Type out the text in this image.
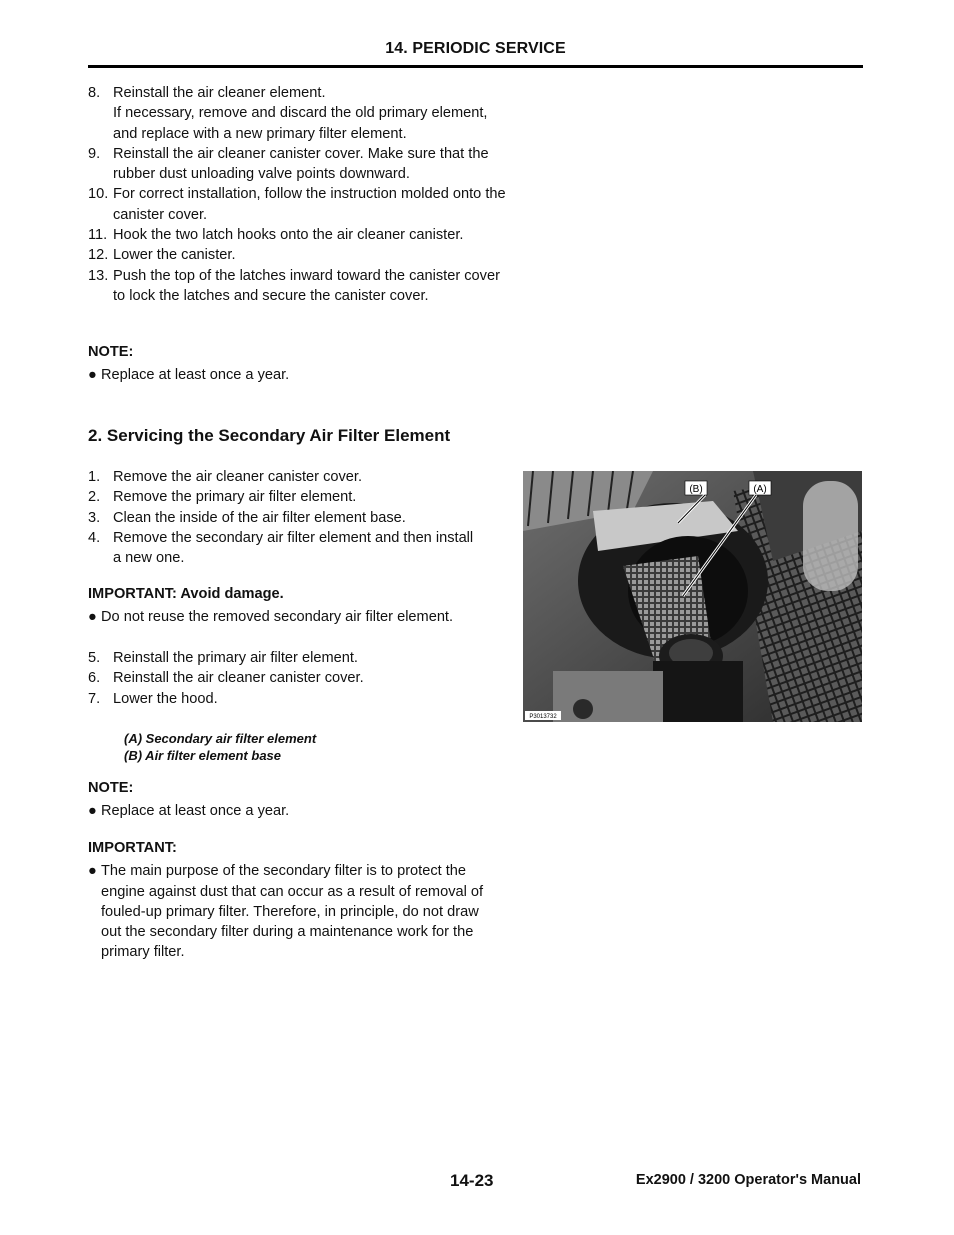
14. PERIODIC SERVICE
8. Reinstall the air cleaner element.
If necessary, remove and discard the old primary element, and replace with a new primary filter element.
9. Reinstall the air cleaner canister cover. Make sure that the rubber dust unloading valve points downward.
10. For correct installation, follow the instruction molded onto the canister cover.
11. Hook the two latch hooks onto the air cleaner canister.
12. Lower the canister.
13. Push the top of the latches inward toward the canister cover to lock the latches and secure the canister cover.
NOTE:
● Replace at least once a year.
2. Servicing the Secondary Air Filter Element
1. Remove the air cleaner canister cover.
2. Remove the primary air filter element.
3. Clean the inside of the air filter element base.
4. Remove the secondary air filter element and then install a new one.
IMPORTANT: Avoid damage.
● Do not reuse the removed secondary air filter element.
5. Reinstall the primary air filter element.
6. Reinstall the air cleaner canister cover.
7. Lower the hood.
(A) Secondary air filter element
(B) Air filter element base
NOTE:
● Replace at least once a year.
IMPORTANT:
● The main purpose of the secondary filter is to protect the engine against dust that can occur as a result of removal of fouled-up primary filter. Therefore, in principle, do not draw out the secondary filter during a maintenance work for the primary filter.
(B)	(A)
P3013732
14-23	Ex2900 / 3200 Operator's Manual
